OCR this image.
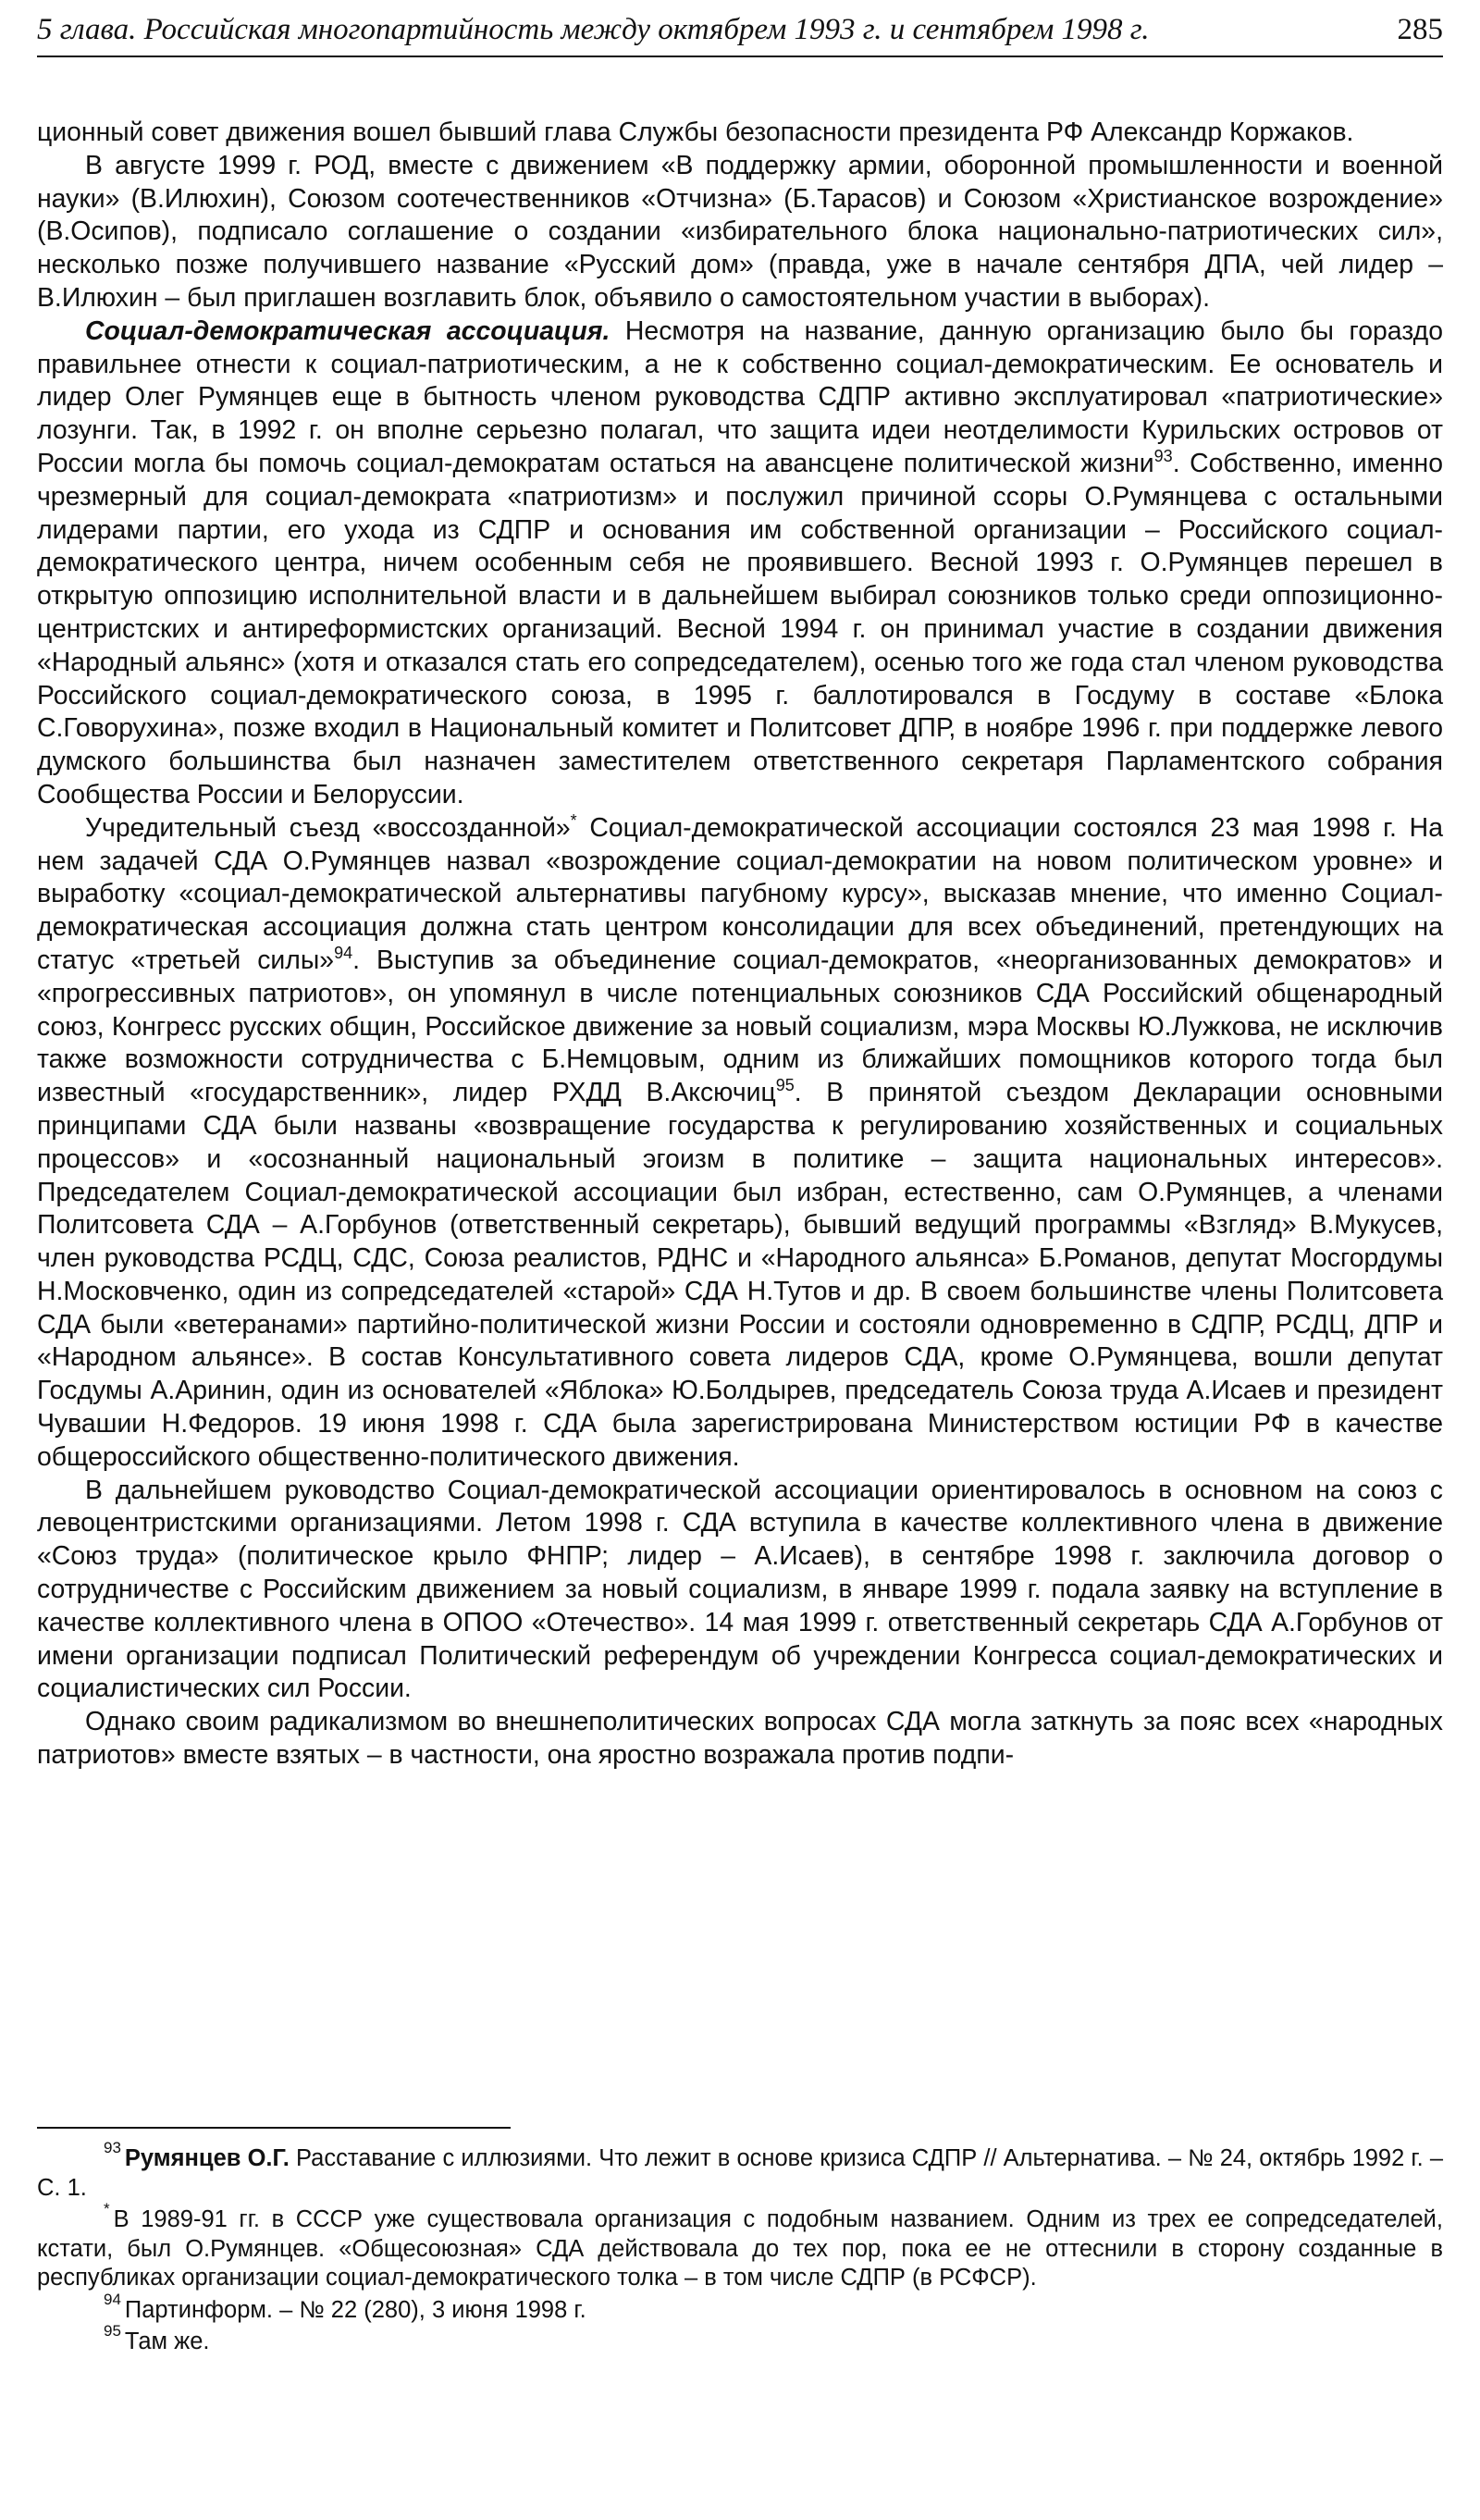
5 глава. Российская многопартийность между октябрем 1993 г. и сентябрем 1998 г.	285

ционный совет движения вошел бывший глава Службы безопасности президента РФ Александр Коржаков.

В августе 1999 г. РОД, вместе с движением «В поддержку армии, оборонной промышленности и военной науки» (В.Илюхин), Союзом соотечественников «Отчизна» (Б.Тарасов) и Союзом «Христианское возрождение» (В.Осипов), подписало соглашение о создании «избирательного блока национально-патриотических сил», несколько позже получившего название «Русский дом» (правда, уже в начале сентября ДПА, чей лидер – В.Илюхин – был приглашен возглавить блок, объявило о самостоятельном участии в выборах).

Социал-демократическая ассоциация. Несмотря на название, данную организацию было бы гораздо правильнее отнести к социал-патриотическим, а не к собственно социал-демократическим. Ее основатель и лидер Олег Румянцев еще в бытность членом руководства СДПР активно эксплуатировал «патриотические» лозунги. Так, в 1992 г. он вполне серьезно полагал, что защита идеи неотделимости Курильских островов от России могла бы помочь социал-демократам остаться на авансцене политической жизни$^{93}$. Собственно, именно чрезмерный для социал-демократа «патриотизм» и послужил причиной ссоры О.Румянцева с остальными лидерами партии, его ухода из СДПР и основания им собственной организации – Российского социал-демократического центра, ничем особенным себя не проявившего. Весной 1993 г. О.Румянцев перешел в открытую оппозицию исполнительной власти и в дальнейшем выбирал союзников только среди оппозиционно-центристских и антиреформистских организаций. Весной 1994 г. он принимал участие в создании движения «Народный альянс» (хотя и отказался стать его сопредседателем), осенью того же года стал членом руководства Российского социал-демократического союза, в 1995 г. баллотировался в Госдуму в составе «Блока С.Говорухина», позже входил в Национальный комитет и Политсовет ДПР, в ноябре 1996 г. при поддержке левого думского большинства был назначен заместителем ответственного секретаря Парламентского собрания Сообщества России и Белоруссии.

Учредительный съезд «воссозданной»* Социал-демократической ассоциации состоялся 23 мая 1998 г. На нем задачей СДА О.Румянцев назвал «возрождение социал-демократии на новом политическом уровне» и выработку «социал-демократической альтернативы пагубному курсу», высказав мнение, что именно Социал-демократическая ассоциация должна стать центром консолидации для всех объединений, претендующих на статус «третьей силы»$^{94}$. Выступив за объединение социал-демократов, «неорганизованных демократов» и «прогрессивных патриотов», он упомянул в числе потенциальных союзников СДА Российский общенародный союз, Конгресс русских общин, Российское движение за новый социализм, мэра Москвы Ю.Лужкова, не исключив также возможности сотрудничества с Б.Немцовым, одним из ближайших помощников которого тогда был известный «государственник», лидер РХДД В.Аксючиц$^{95}$. В принятой съездом Декларации основными принципами СДА были названы «возвращение государства к регулированию хозяйственных и социальных процессов» и «осознанный национальный эгоизм в политике – защита национальных интересов». Председателем Социал-демократической ассоциации был избран, естественно, сам О.Румянцев, а членами Политсовета СДА – А.Горбунов (ответственный секретарь), бывший ведущий программы «Взгляд» В.Мукусев, член руководства РСДЦ, СДС, Союза реалистов, РДНС и «Народного альянса» Б.Романов, депутат Мосгордумы Н.Московченко, один из сопредседателей «старой» СДА Н.Тутов и др. В своем большинстве члены Политсовета СДА были «ветеранами» партийно-политической жизни России и состояли одновременно в СДПР, РСДЦ, ДПР и «Народном альянсе». В состав Консультативного совета лидеров СДА, кроме О.Румянцева, вошли депутат Госдумы А.Аринин, один из основателей «Яблока» Ю.Болдырев, председатель Союза труда А.Исаев и президент Чувашии Н.Федоров. 19 июня 1998 г. СДА была зарегистрирована Министерством юстиции РФ в качестве общероссийского общественно-политического движения.

В дальнейшем руководство Социал-демократической ассоциации ориентировалось в основном на союз с левоцентристскими организациями. Летом 1998 г. СДА вступила в качестве коллективного члена в движение «Союз труда» (политическое крыло ФНПР; лидер – А.Исаев), в сентябре 1998 г. заключила договор о сотрудничестве с Российским движением за новый социализм, в январе 1999 г. подала заявку на вступление в качестве коллективного члена в ОПОО «Отечество». 14 мая 1999 г. ответственный секретарь СДА А.Горбунов от имени организации подписал Политический референдум об учреждении Конгресса социал-демократических и социалистических сил России.

Однако своим радикализмом во внешнеполитических вопросах СДА могла заткнуть за пояс всех «народных патриотов» вместе взятых – в частности, она яростно возражала против подпи-

$^{93}$ Румянцев О.Г. Расставание с иллюзиями. Что лежит в основе кризиса СДПР // Альтернатива. – № 24, октябрь 1992 г. – С. 1.

* В 1989-91 гг. в СССР уже существовала организация с подобным названием. Одним из трех ее сопредседателей, кстати, был О.Румянцев. «Общесоюзная» СДА действовала до тех пор, пока ее не оттеснили в сторону созданные в республиках организации социал-демократического толка – в том числе СДПР (в РСФСР).

$^{94}$ Партинформ. – № 22 (280), 3 июня 1998 г.

$^{95}$ Там же.
